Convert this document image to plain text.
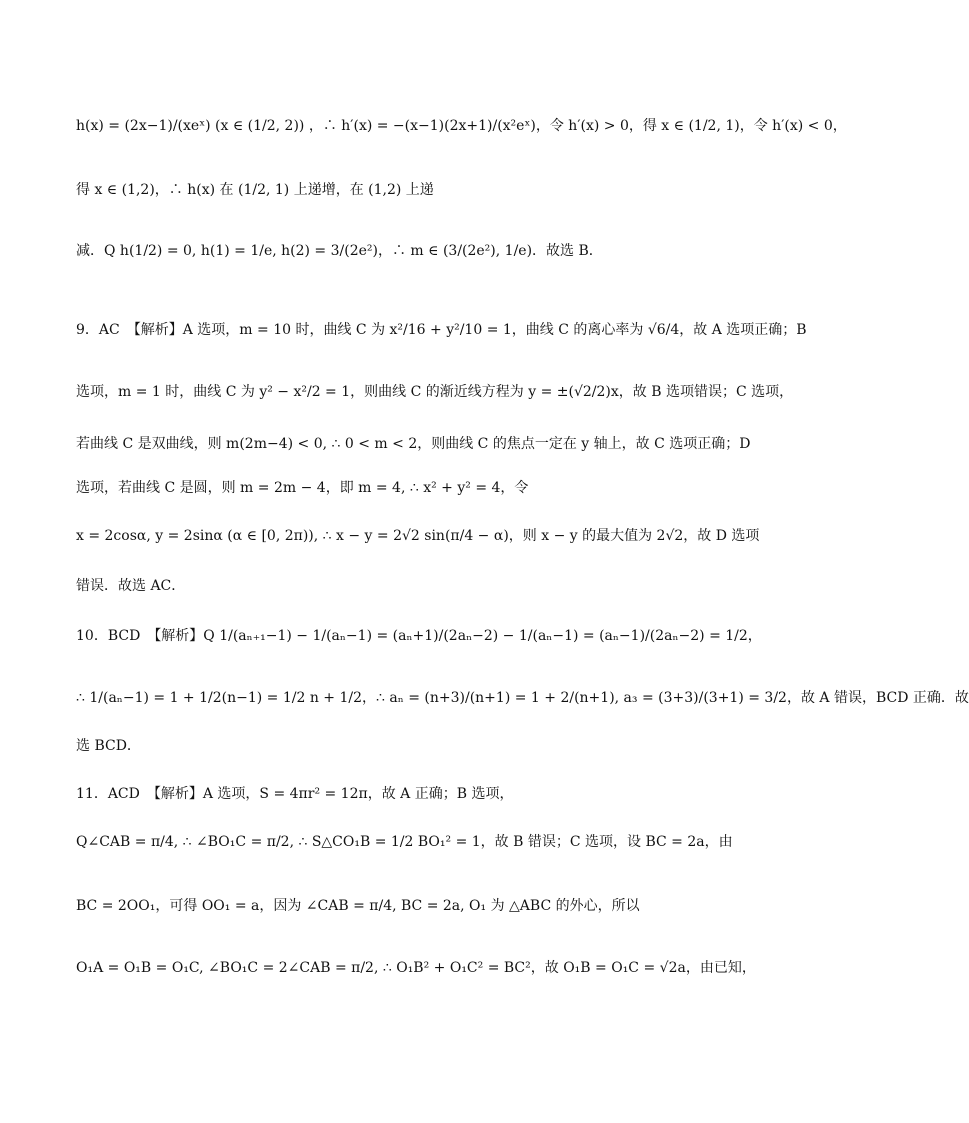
h(x) = (2x−1)/(xeˣ) (x ∈ (1/2, 2)) ，∴ h′(x) = −(x−1)(2x+1)/(x²eˣ)，令 h′(x) > 0，得 x ∈ (1/2, 1)，令 h′(x) < 0，
得 x ∈ (1,2)，∴ h(x) 在 (1/2, 1) 上递增，在 (1,2) 上递
减．Q h(1/2) = 0, h(1) = 1/e, h(2) = 3/(2e²)，∴ m ∈ (3/(2e²), 1/e)．故选 B．
9．AC　【解析】A 选项，m = 10 时，曲线 C 为 x²/16 + y²/10 = 1，曲线 C 的离心率为 √6/4，故 A 选项正确；B
选项，m = 1 时，曲线 C 为 y² − x²/2 = 1，则曲线 C 的渐近线方程为 y = ±(√2/2)x，故 B 选项错误；C 选项，
若曲线 C 是双曲线，则 m(2m−4) < 0, ∴ 0 < m < 2，则曲线 C 的焦点一定在 y 轴上，故 C 选项正确；D
选项，若曲线 C 是圆，则 m = 2m − 4，即 m = 4, ∴ x² + y² = 4，令
x = 2cosα, y = 2sinα (α ∈ [0, 2π)), ∴ x − y = 2√2 sin(π/4 − α)，则 x − y 的最大值为 2√2，故 D 选项
错误．故选 AC．
10．BCD　【解析】Q 1/(aₙ₊₁−1) − 1/(aₙ−1) = (aₙ+1)/(2aₙ−2) − 1/(aₙ−1) = (aₙ−1)/(2aₙ−2) = 1/2，
∴ 1/(aₙ−1) = 1 + 1/2(n−1) = 1/2 n + 1/2，∴ aₙ = (n+3)/(n+1) = 1 + 2/(n+1), a₃ = (3+3)/(3+1) = 3/2，故 A 错误，BCD 正确．故
选 BCD．
11．ACD　【解析】A 选项，S = 4πr² = 12π，故 A 正确；B 选项，
Q∠CAB = π/4, ∴ ∠BO₁C = π/2, ∴ S△CO₁B = 1/2 BO₁² = 1，故 B 错误；C 选项，设 BC = 2a，由
BC = 2OO₁，可得 OO₁ = a，因为 ∠CAB = π/4, BC = 2a, O₁ 为 △ABC 的外心，所以
O₁A = O₁B = O₁C, ∠BO₁C = 2∠CAB = π/2, ∴ O₁B² + O₁C² = BC²，故 O₁B = O₁C = √2a，由已知，
